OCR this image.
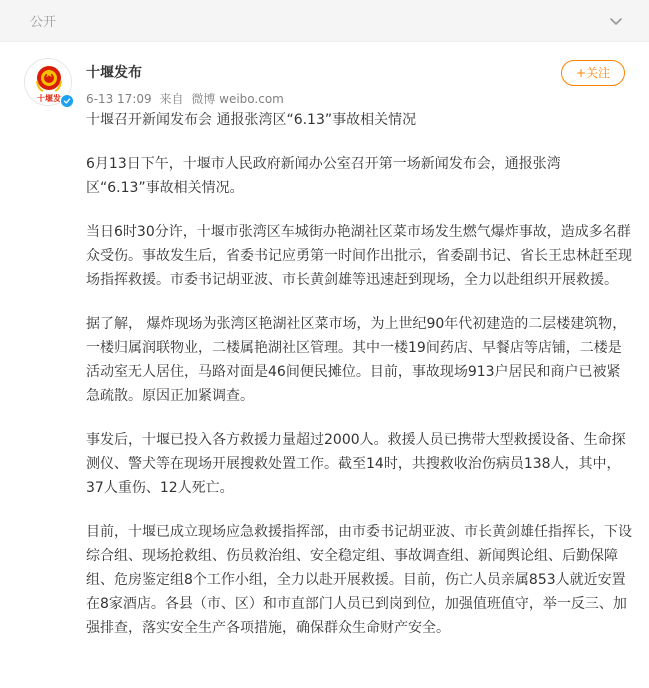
公开
十堰发
十堰发布
6-13 17:09 来自 微博 weibo.com
+关注

十堰召开新闻发布会 通报张湾区“6.13”事故相关情况

6月13日下午，十堰市人民政府新闻办公室召开第一场新闻发布会，通报张湾区“6.13”事故相关情况。

当日6时30分许，十堰市张湾区车城街办艳湖社区菜市场发生燃气爆炸事故，造成多名群众受伤。事故发生后，省委书记应勇第一时间作出批示，省委副书记、省长王忠林赶至现场指挥救援。市委书记胡亚波、市长黄剑雄等迅速赶到现场，全力以赴组织开展救援。

据了解， 爆炸现场为张湾区艳湖社区菜市场，为上世纪90年代初建造的二层楼建筑物，一楼归属润联物业，二楼属艳湖社区管理。其中一楼19间药店、早餐店等店铺，二楼是活动室无人居住，马路对面是46间便民摊位。目前，事故现场913户居民和商户已被紧急疏散。原因正加紧调查。

事发后，十堰已投入各方救援力量超过2000人。救援人员已携带大型救援设备、生命探测仪、警犬等在现场开展搜救处置工作。截至14时，共搜救收治伤病员138人，其中，37人重伤、12人死亡。

目前，十堰已成立现场应急救援指挥部，由市委书记胡亚波、市长黄剑雄任指挥长，下设综合组、现场抢救组、伤员救治组、安全稳定组、事故调查组、新闻舆论组、后勤保障组、危房鉴定组8个工作小组，全力以赴开展救援。目前，伤亡人员亲属853人就近安置在8家酒店。各县（市、区）和市直部门人员已到岗到位，加强值班值守，举一反三、加强排查，落实安全生产各项措施，确保群众生命财产安全。
